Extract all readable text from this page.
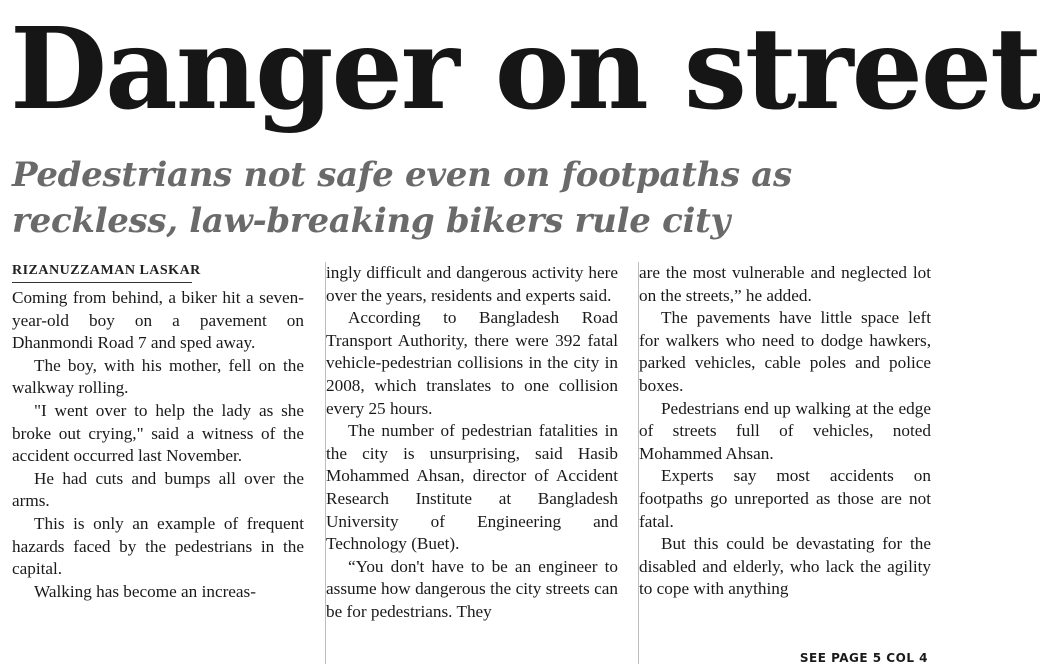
Danger on street
Pedestrians not safe even on footpaths as reckless, law-breaking bikers rule city
RIZANUZZAMAN LASKAR

Coming from behind, a biker hit a seven-year-old boy on a pavement on Dhanmondi Road 7 and sped away.

The boy, with his mother, fell on the walkway rolling.

"I went over to help the lady as she broke out crying," said a witness of the accident occurred last November.

He had cuts and bumps all over the arms.

This is only an example of frequent hazards faced by the pedestrians in the capital.

Walking has become an increas-

ingly difficult and dangerous activity here over the years, residents and experts said.

According to Bangladesh Road Transport Authority, there were 392 fatal vehicle-pedestrian collisions in the city in 2008, which translates to one collision every 25 hours.

The number of pedestrian fatalities in the city is unsurprising, said Hasib Mohammed Ahsan, director of Accident Research Institute at Bangladesh University of Engineering and Technology (Buet).

“You don't have to be an engineer to assume how dangerous the city streets can be for pedestrians. They

are the most vulnerable and neglected lot on the streets,” he added.

The pavements have little space left for walkers who need to dodge hawkers, parked vehicles, cable poles and police boxes.

Pedestrians end up walking at the edge of streets full of vehicles, noted Mohammed Ahsan.

Experts say most accidents on footpaths go unreported as those are not fatal.

But this could be devastating for the disabled and elderly, who lack the agility to cope with anything

SEE PAGE 5 COL 4
